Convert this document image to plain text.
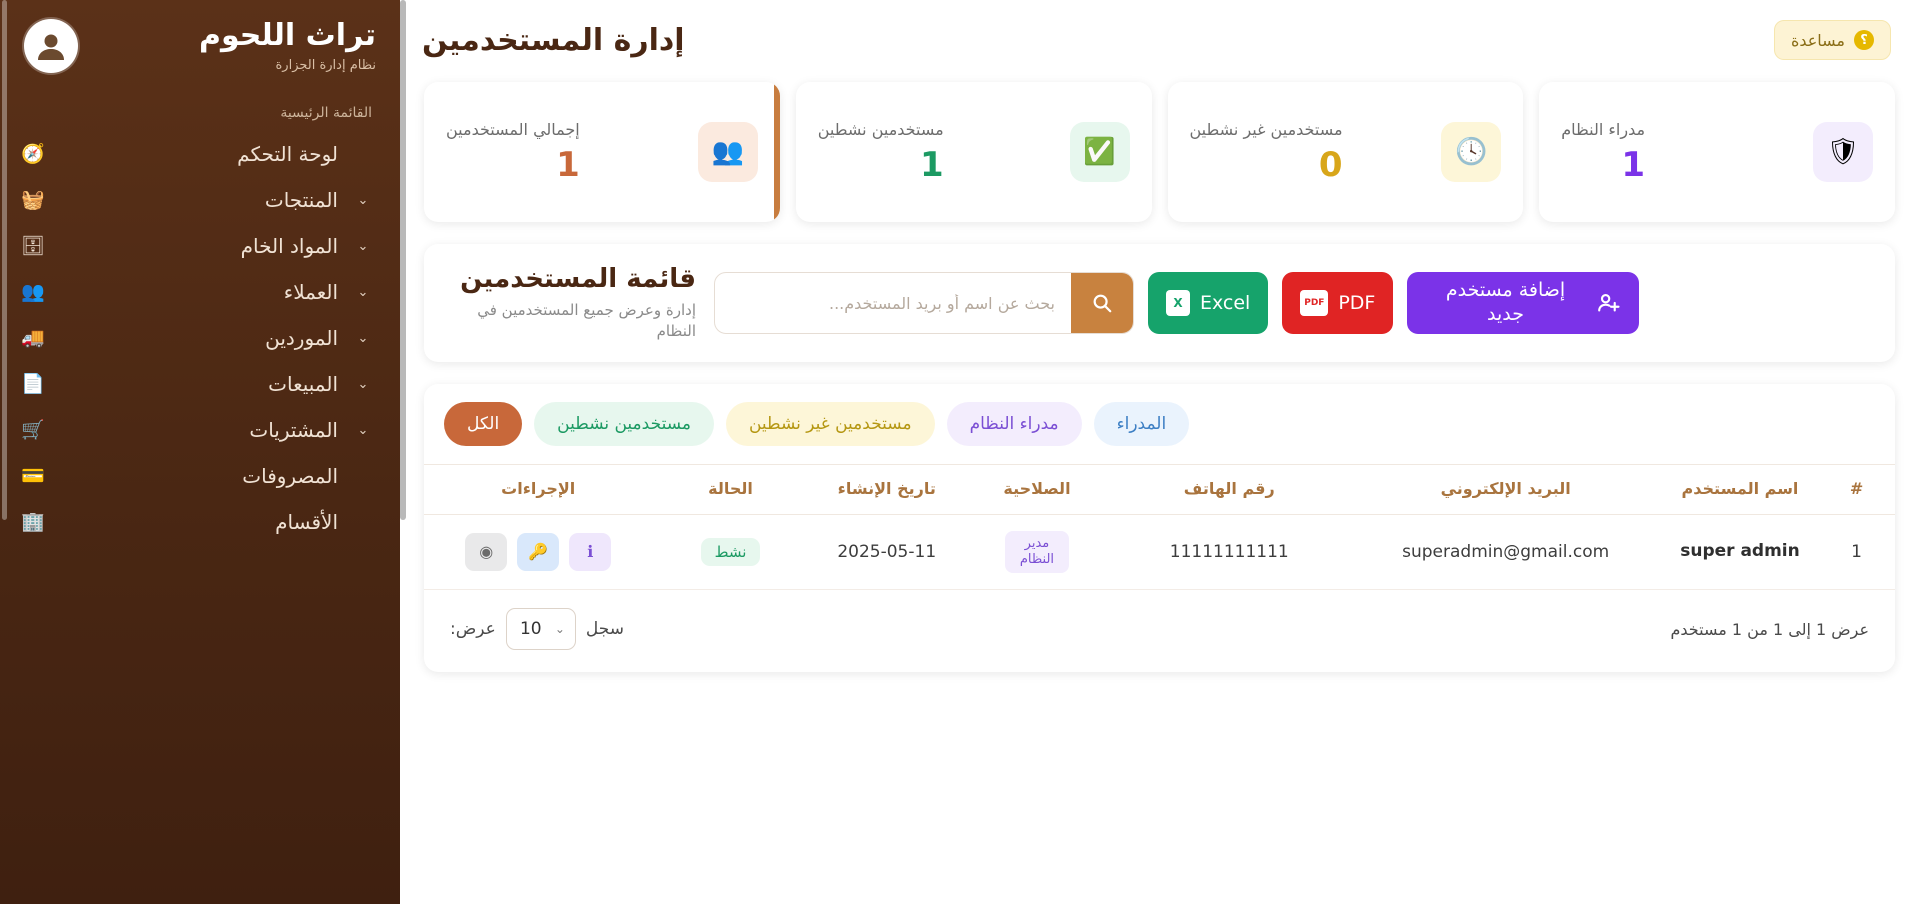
تراث اللحوم
نظام إدارة الجزارة
القائمة الرئيسية
لوحة التحكم
🧭
⌄
المنتجات
🧺
⌄
المواد الخام
🗄
⌄
العملاء
👥
⌄
الموردين
🚚
⌄
المبيعات
📄
⌄
المشتريات
🛒
المصروفات
💳
الأقسام
🏢
؟
مساعدة
إدارة المستخدمين
إجمالي المستخدمين
1	👥
مستخدمين نشطين
1	✅
مستخدمين غير نشطين
0	🕓
مدراء النظام
1	🛡
قائمة المستخدمين
إدارة وعرض جميع المستخدمين في النظام
بحث عن اسم أو بريد المستخدم...
X Excel	PDF PDF
إضافة مستخدم جديد
الكل	مستخدمين نشطين	مستخدمين غير نشطين	مدراء النظام	المدراء
#	اسم المستخدم	البريد الإلكتروني	رقم الهاتف	الصلاحية	تاريخ الإنشاء	الحالة	الإجراءات
1	super admin	superadmin@gmail.com	11111111111	مدير النظام	2025-05-11	نشط	◉ 🔑 ℹ
عرض: 10 ⌄ سجل	عرض 1 إلى 1 من 1 مستخدم
